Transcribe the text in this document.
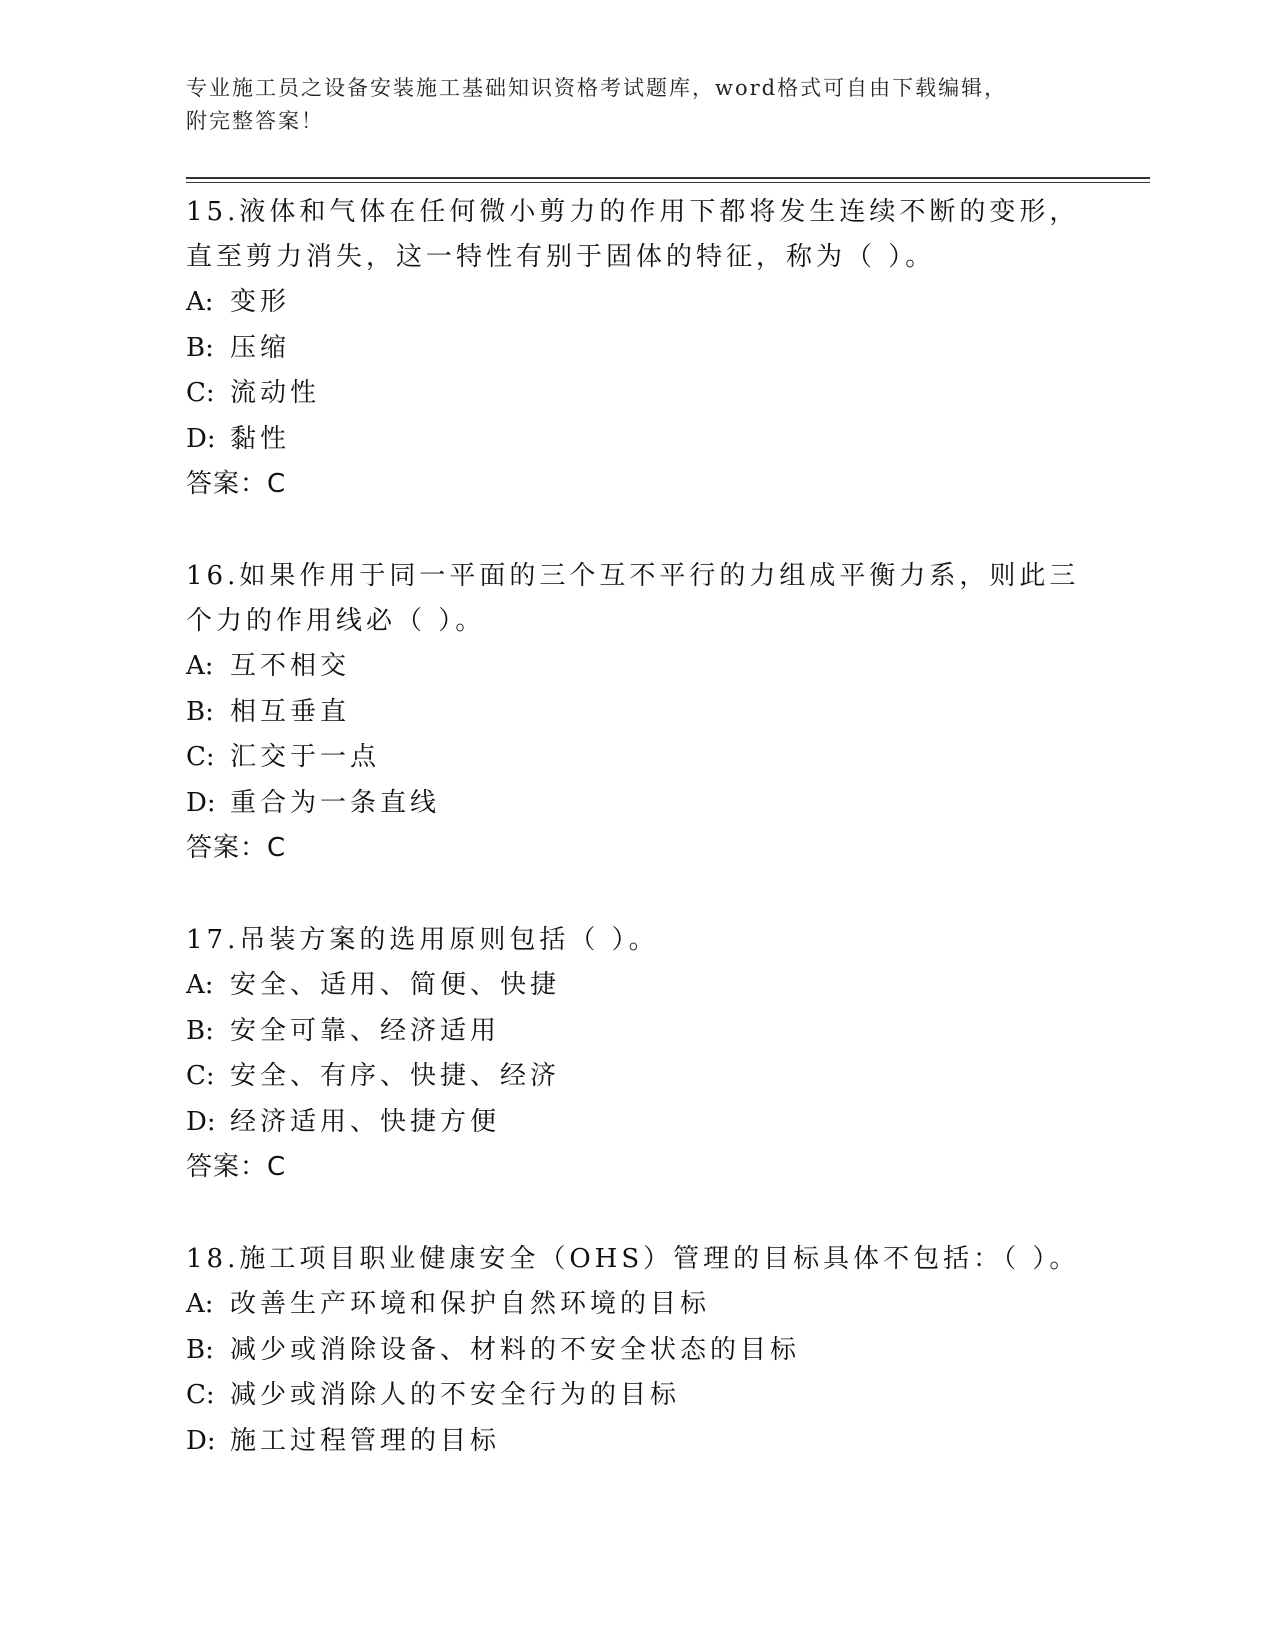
专业施工员之设备安装施工基础知识资格考试题库，word格式可自由下载编辑，
附完整答案！
15.液体和气体在任何微小剪力的作用下都将发生连续不断的变形，直至剪力消失，这一特性有别于固体的特征，称为（ ）。
A: 变形
B: 压缩
C: 流动性
D: 黏性
答案：C
16.如果作用于同一平面的三个互不平行的力组成平衡力系，则此三个力的作用线必（ ）。
A: 互不相交
B: 相互垂直
C: 汇交于一点
D: 重合为一条直线
答案：C
17.吊装方案的选用原则包括（ ）。
A: 安全、适用、简便、快捷
B: 安全可靠、经济适用
C: 安全、有序、快捷、经济
D: 经济适用、快捷方便
答案：C
18.施工项目职业健康安全（OHS）管理的目标具体不包括：（ ）。
A: 改善生产环境和保护自然环境的目标
B: 减少或消除设备、材料的不安全状态的目标
C: 减少或消除人的不安全行为的目标
D: 施工过程管理的目标
